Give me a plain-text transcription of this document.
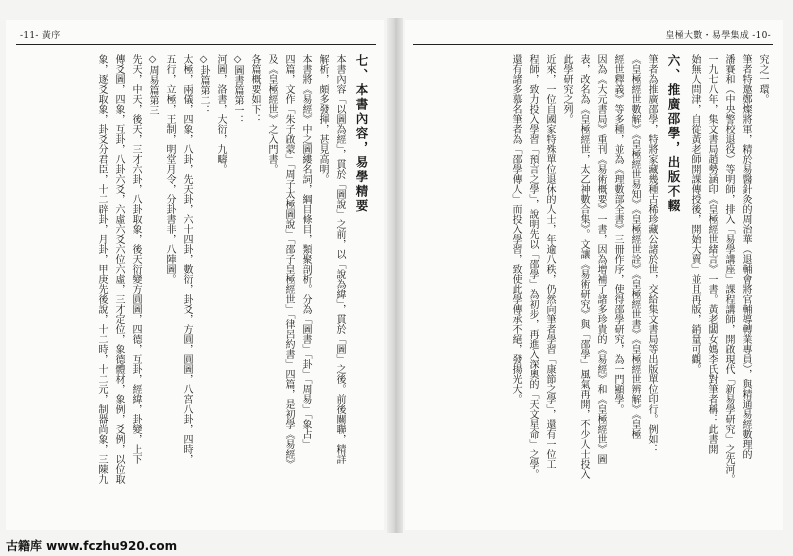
-11- 黃序
七、本書內容，易學精要
本書內容「以圖為經」，貫於「圖說」之前，以「說為緯」，貫於「圖」之後。前後關聯，精詳
解析，頗多發揮，甚見高明。
本書將《易經》中之圖縷名詞，綱目條目，類聚剖析。分為「圖書」「卦」「周易」「象占」
四篇，文作「朱子啟蒙」「周子太極圖說」「邵子皇極經世」「律呂約書」四篇，是初學《易經》
及《皇極經世》之入門書。
各篇概要如下：
◇圖書篇第一：
河圖，洛書，大衍，九疇。
◇卦篇第二：
太極，兩儀，四象，八卦，先天卦，六十四卦，數衍，卦爻，方圓，圓圖，八宮八卦，四時，
五行，立極，王制，明堂月令，分卦書非，八陣圖。
◇周易篇第三
先天，中天，後天，三才六卦，八卦取象，後天衍變方圓圖，四德，互卦，經緯，卦變，上下
傳爻圖，四象，互卦，八卦六爻，六虛六爻六位六虛，三才定位，象德體材，象例，爻例，以位取
象，逐爻取象，卦爻分君臣，十二辟卦，月卦，甲庚先後說，十二時，十二元，制器尚象，三陳九
皇極大數・易學集成 -10-
究之一環。
筆者特邀鄭燦將軍，精於易醫針灸的周治華（退輔會將官輔導轉業專員），與精通易經數理的
潘賽和（中央警校退役）等明師，排入「易學講座」課程講師，開啟現代「新易學研究」之先河。
一九七八年，集文書局趙勢涵印《皇極經世緒言》一書。黃老闆女媽李氏對筆者稱：此書開
始無人問津，自從黃老師開課傳授後，開始大賣」並且再版，銷量可觀。
六、推廣邵學，出版不輟
筆者為推廣邵學，特將家藏幾種古稀珍藏公諸於世，交給集文書局等出版單位印行。例如：
《皇極經世數解》《皇極經世易知》《皇極經世詮》《皇極經世書》《皇極經世辨解》《皇極
經世釋義》等多種，並為《理數部全書》三冊作序，使得邵學研究，為一門顯學。
因為《大元書局》重刊《易術概要》一書，因為增補了諸多珍貴的《易經》和《皇極經世》圖
表，改名為《皇極經世，太乙神數合集》。文讓《易術研究》與「邵學」風氣再開，不少人士投入
此學研究之列。
近來，一位自國家特殊單位退休的人士，年逾八秩，仍然向筆者學習「康節之學」，還有一位工
程師，致力投入學習「預言之學」，說明先以「邵學」為初步，再進入深奧的「天文星命」之學。
還有諸多慕名筆者為「邵學傳人」而投入學習，致使此學傳承不絕，發揚光大。
古籍库 www.fczhu920.com
